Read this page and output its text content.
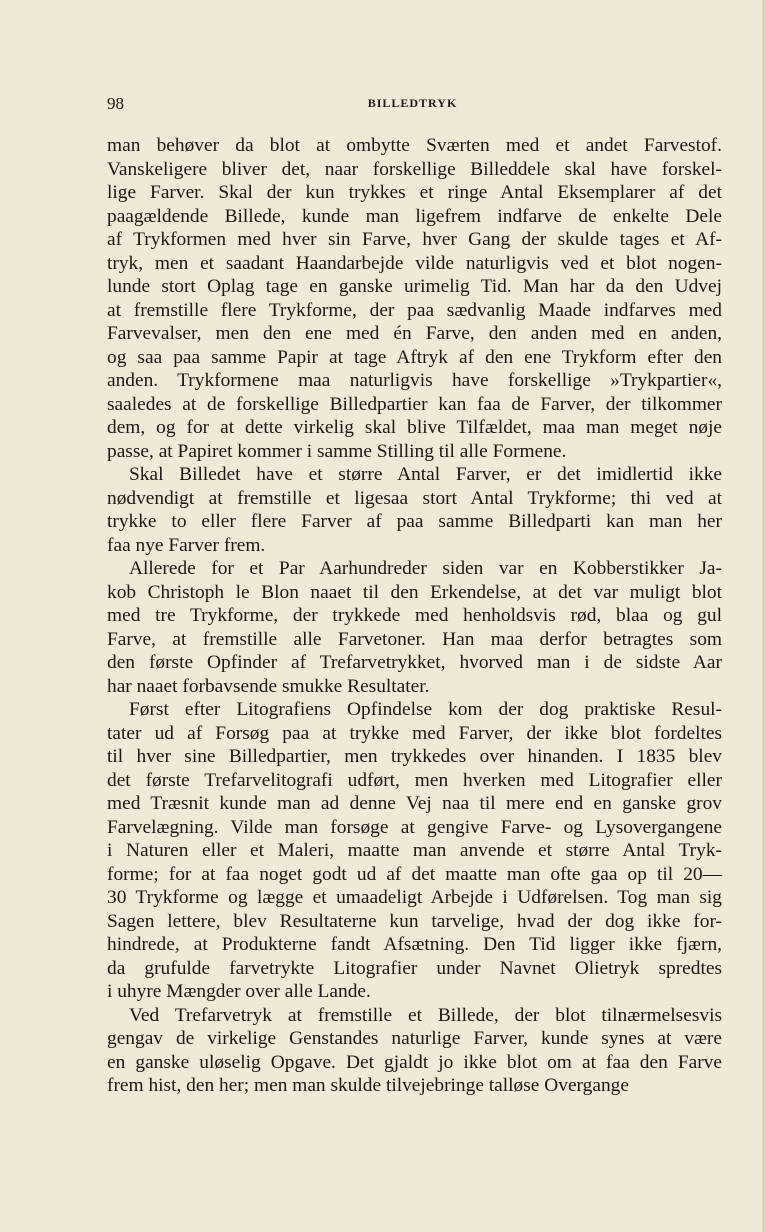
98	BILLEDTRYK
man behøver da blot at ombytte Sværten med et andet Farvestof.
Vanskeligere bliver det, naar forskellige Billeddele skal have forskel-
lige Farver. Skal der kun trykkes et ringe Antal Eksemplarer af det
paagældende Billede, kunde man ligefrem indfarve de enkelte Dele
af Trykformen med hver sin Farve, hver Gang der skulde tages et Af-
tryk, men et saadant Haandarbejde vilde naturligvis ved et blot nogen-
lunde stort Oplag tage en ganske urimelig Tid. Man har da den Udvej
at fremstille flere Trykforme, der paa sædvanlig Maade indfarves med
Farvevalser, men den ene med én Farve, den anden med en anden,
og saa paa samme Papir at tage Aftryk af den ene Trykform efter den
anden. Trykformene maa naturligvis have forskellige »Trykpartier«,
saaledes at de forskellige Billedpartier kan faa de Farver, der tilkommer
dem, og for at dette virkelig skal blive Tilfældet, maa man meget nøje
passe, at Papiret kommer i samme Stilling til alle Formene.
Skal Billedet have et større Antal Farver, er det imidlertid ikke
nødvendigt at fremstille et ligesaa stort Antal Trykforme; thi ved at
trykke to eller flere Farver af paa samme Billedparti kan man her
faa nye Farver frem.
Allerede for et Par Aarhundreder siden var en Kobberstikker Ja-
kob Christoph le Blon naaet til den Erkendelse, at det var muligt blot
med tre Trykforme, der trykkede med henholdsvis rød, blaa og gul
Farve, at fremstille alle Farvetoner. Han maa derfor betragtes som
den første Opfinder af Trefarvetrykket, hvorved man i de sidste Aar
har naaet forbavsende smukke Resultater.
Først efter Litografiens Opfindelse kom der dog praktiske Resul-
tater ud af Forsøg paa at trykke med Farver, der ikke blot fordeltes
til hver sine Billedpartier, men trykkedes over hinanden. I 1835 blev
det første Trefarvelitografi udført, men hverken med Litografier eller
med Træsnit kunde man ad denne Vej naa til mere end en ganske grov
Farvelægning. Vilde man forsøge at gengive Farve- og Lysovergangene
i Naturen eller et Maleri, maatte man anvende et større Antal Tryk-
forme; for at faa noget godt ud af det maatte man ofte gaa op til 20—
30 Trykforme og lægge et umaadeligt Arbejde i Udførelsen. Tog man sig
Sagen lettere, blev Resultaterne kun tarvelige, hvad der dog ikke for-
hindrede, at Produkterne fandt Afsætning. Den Tid ligger ikke fjærn,
da grufulde farvetrykte Litografier under Navnet Olietryk spredtes
i uhyre Mængder over alle Lande.
Ved Trefarvetryk at fremstille et Billede, der blot tilnærmelsesvis
gengav de virkelige Genstandes naturlige Farver, kunde synes at være
en ganske uløselig Opgave. Det gjaldt jo ikke blot om at faa den Farve
frem hist, den her; men man skulde tilvejebringe talløse Overgange
